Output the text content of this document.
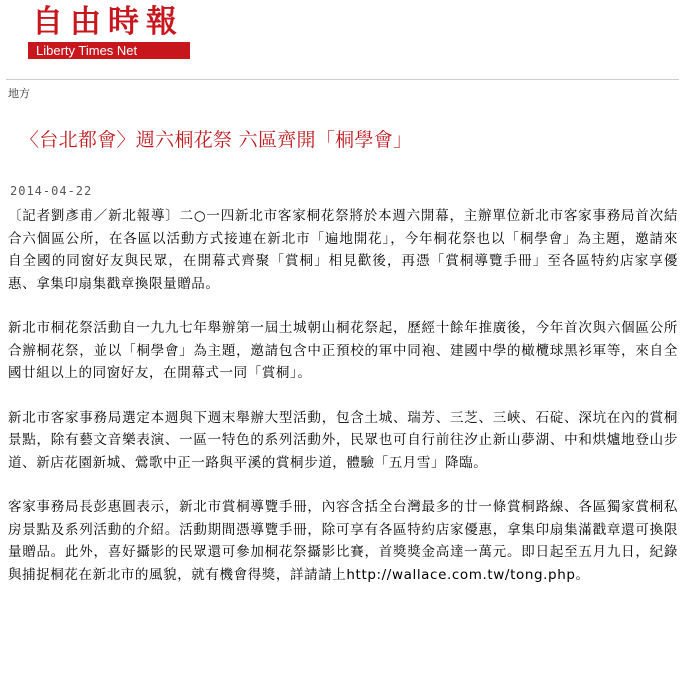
自由時報
Liberty Times Net
地方
〈台北都會〉週六桐花祭 六區齊開「桐學會」
2014-04-22

〔記者劉彥甫／新北報導〕二○一四新北市客家桐花祭將於本週六開幕，主辦單位新北市客家事務局首次結合六個區公所，在各區以活動方式接連在新北市「遍地開花」，今年桐花祭也以「桐學會」為主題，邀請來自全國的同窗好友與民眾，在開幕式齊聚「賞桐」相見歡後，再憑「賞桐導覽手冊」至各區特約店家享優惠、拿集印扇集戳章換限量贈品。

新北市桐花祭活動自一九九七年舉辦第一屆土城朝山桐花祭起，歷經十餘年推廣後，今年首次與六個區公所合辦桐花祭，並以「桐學會」為主題，邀請包含中正預校的軍中同袍、建國中學的橄欖球黑衫軍等，來自全國廿組以上的同窗好友，在開幕式一同「賞桐」。

新北市客家事務局選定本週與下週末舉辦大型活動，包含土城、瑞芳、三芝、三峽、石碇、深坑在內的賞桐景點，除有藝文音樂表演、一區一特色的系列活動外，民眾也可自行前往汐止新山夢湖、中和烘爐地登山步道、新店花園新城、鶯歌中正一路與平溪的賞桐步道，體驗「五月雪」降臨。

客家事務局長彭惠圓表示，新北市賞桐導覽手冊，內容含括全台灣最多的廿一條賞桐路線、各區獨家賞桐私房景點及系列活動的介紹。活動期間憑導覽手冊，除可享有各區特約店家優惠，拿集印扇集滿戳章還可換限量贈品。此外，喜好攝影的民眾還可參加桐花祭攝影比賽，首獎獎金高達一萬元。即日起至五月九日，紀錄與捕捉桐花在新北市的風貌，就有機會得獎，詳請請上http://wallace.com.tw/tong.php。
